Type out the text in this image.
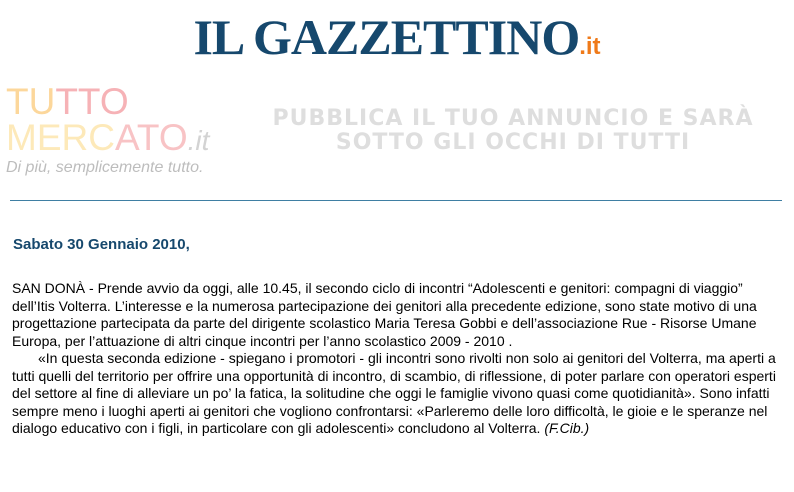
IL GAZZETTINO.it
TUTTO
MERCATO.it
Di più, semplicemente tutto.
PUBBLICA IL TUO ANNUNCIO E SARÀ
SOTTO GLI OCCHI DI TUTTI
Sabato 30 Gennaio 2010,

SAN DONÀ - Prende avvio da oggi, alle 10.45, il secondo ciclo di incontri “Adolescenti e genitori: compagni di viaggio” dell’Itis Volterra. L’interesse e la numerosa partecipazione dei genitori alla precedente edizione, sono state motivo di una progettazione partecipata da parte del dirigente scolastico Maria Teresa Gobbi e dell’associazione Rue - Risorse Umane Europa, per l’attuazione di altri cinque incontri per l’anno scolastico 2009 - 2010 .

«In questa seconda edizione - spiegano i promotori - gli incontri sono rivolti non solo ai genitori del Volterra, ma aperti a tutti quelli del territorio per offrire una opportunità di incontro, di scambio, di riflessione, di poter parlare con operatori esperti del settore al fine di alleviare un po’ la fatica, la solitudine che oggi le famiglie vivono quasi come quotidianità». Sono infatti sempre meno i luoghi aperti ai genitori che vogliono confrontarsi: «Parleremo delle loro difficoltà, le gioie e le speranze nel dialogo educativo con i figli, in particolare con gli adolescenti» concludono al Volterra. (F.Cib.)
